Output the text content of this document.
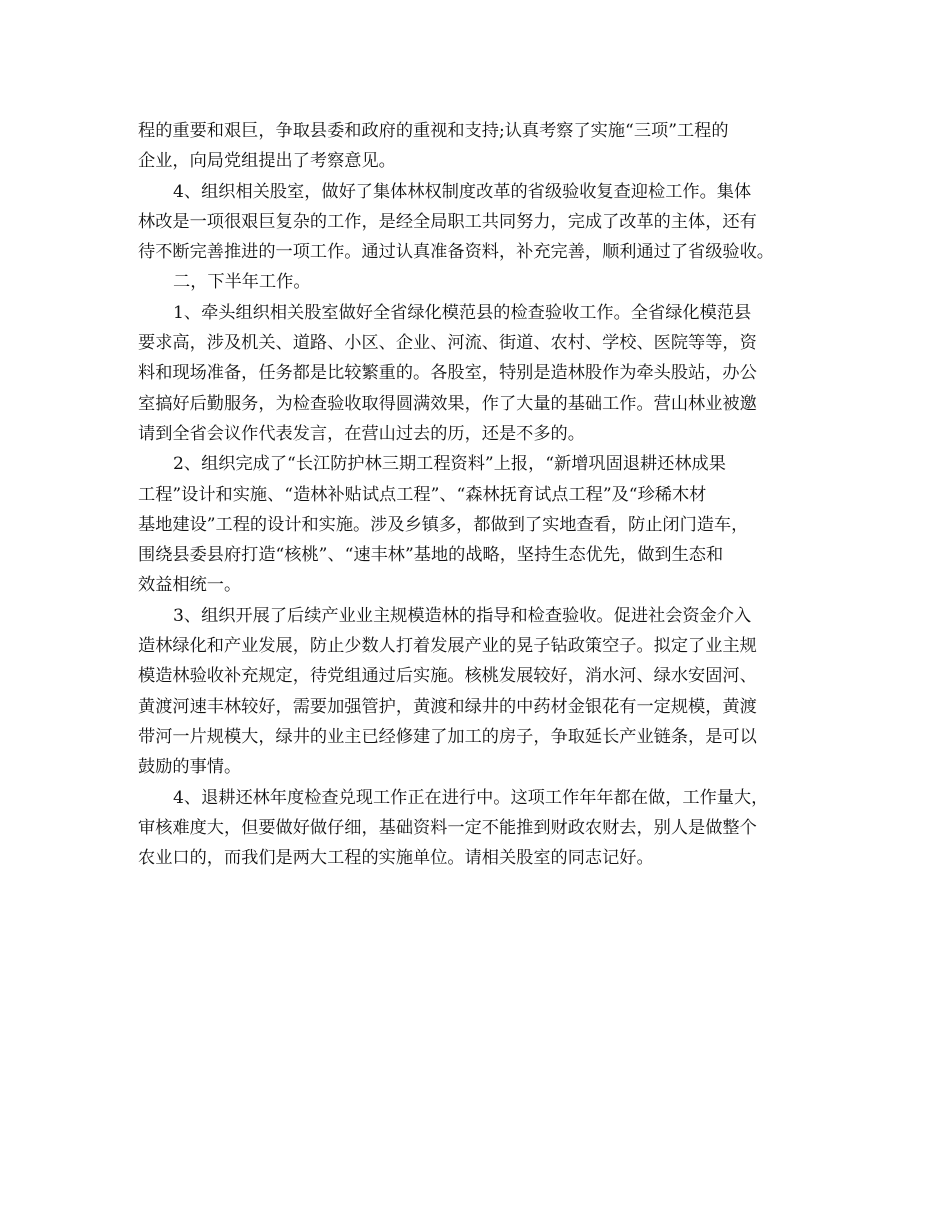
程的重要和艰巨，争取县委和政府的重视和支持;认真考察了实施“三项”工程的

企业，向局党组提出了考察意见。

4、组织相关股室，做好了集体林权制度改革的省级验收复查迎检工作。集体

林改是一项很艰巨复杂的工作，是经全局职工共同努力，完成了改革的主体，还有

待不断完善推进的一项工作。通过认真准备资料，补充完善，顺利通过了省级验收。

二，下半年工作。

1、牵头组织相关股室做好全省绿化模范县的检查验收工作。全省绿化模范县

要求高，涉及机关、道路、小区、企业、河流、街道、农村、学校、医院等等，资

料和现场准备，任务都是比较繁重的。各股室，特别是造林股作为牵头股站，办公

室搞好后勤服务，为检查验收取得圆满效果，作了大量的基础工作。营山林业被邀

请到全省会议作代表发言，在营山过去的历，还是不多的。

2、组织完成了“长江防护林三期工程资料”上报，“新增巩固退耕还林成果

工程”设计和实施、“造林补贴试点工程”、“森林抚育试点工程”及“珍稀木材

基地建设”工程的设计和实施。涉及乡镇多，都做到了实地查看，防止闭门造车，

围绕县委县府打造“核桃”、“速丰林”基地的战略，坚持生态优先，做到生态和

效益相统一。

3、组织开展了后续产业业主规模造林的指导和检查验收。促进社会资金介入

造林绿化和产业发展，防止少数人打着发展产业的晃子钻政策空子。拟定了业主规

模造林验收补充规定，待党组通过后实施。核桃发展较好，消水河、绿水安固河、

黄渡河速丰林较好，需要加强管护，黄渡和绿井的中药材金银花有一定规模，黄渡

带河一片规模大，绿井的业主已经修建了加工的房子，争取延长产业链条，是可以

鼓励的事情。

4、退耕还林年度检查兑现工作正在进行中。这项工作年年都在做，工作量大，

审核难度大，但要做好做仔细，基础资料一定不能推到财政农财去，别人是做整个

农业口的，而我们是两大工程的实施单位。请相关股室的同志记好。
